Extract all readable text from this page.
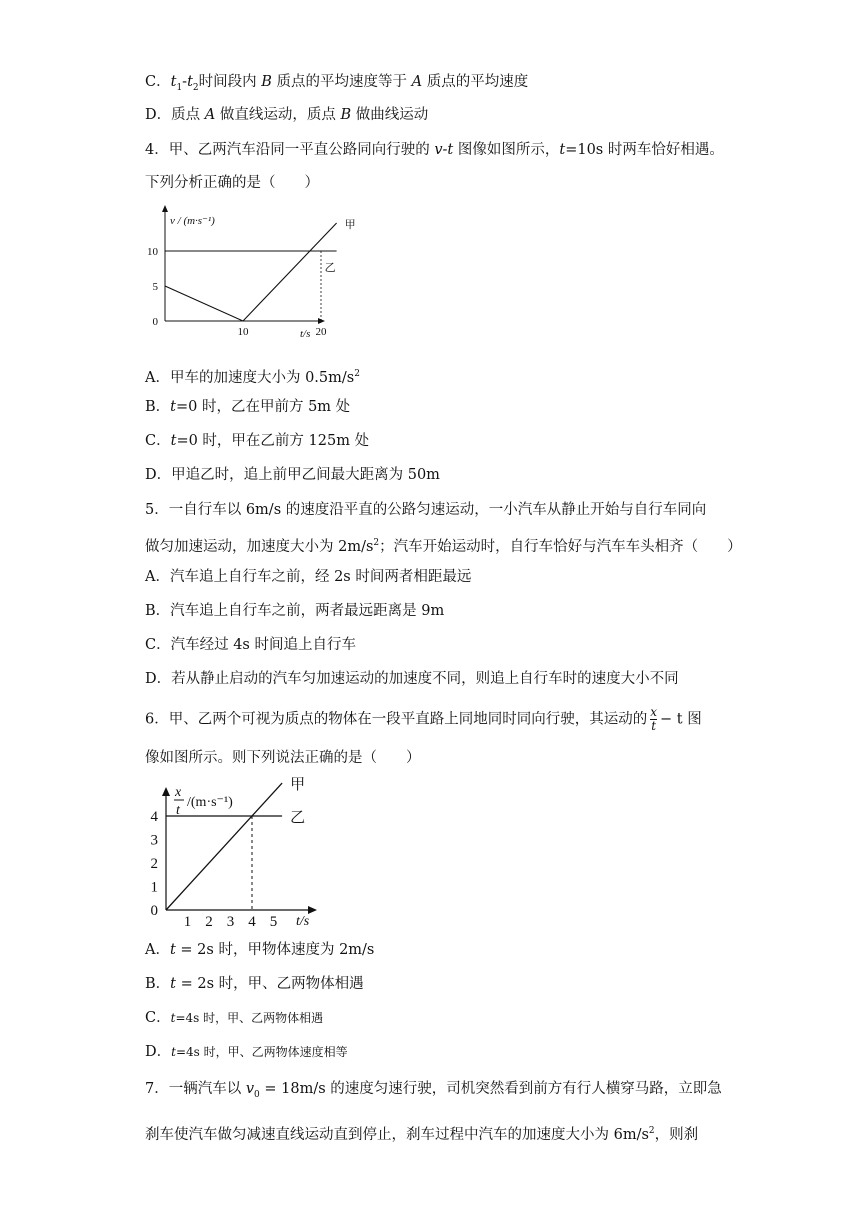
C．$t_1-t_2$时间段内 B 质点的平均速度等于 A 质点的平均速度
D．质点 A 做直线运动，质点 B 做曲线运动
4．甲、乙两汽车沿同一平直公路同向行驶的 v-t 图像如图所示，t=10s 时两车恰好相遇。
下列分析正确的是（　　）
v / (m·s⁻¹)
t/s
0
5
10
10	20
甲
乙
A．甲车的加速度大小为 $0.5m/s^2$
B．t=0 时，乙在甲前方 5m 处
C．t=0 时，甲在乙前方 125m 处
D．甲追乙时，追上前甲乙间最大距离为 50m
5．一自行车以 6m/s 的速度沿平直的公路匀速运动，一小汽车从静止开始与自行车同向
做匀加速运动，加速度大小为 $2m/s^2$；汽车开始运动时，自行车恰好与汽车车头相齐（　　）
A．汽车追上自行车之前，经 2s 时间两者相距最远
B．汽车追上自行车之前，两者最远距离是 9m
C．汽车经过 4s 时间追上自行车
D．若从静止启动的汽车匀加速运动的加速度不同，则追上自行车时的速度大小不同
6．甲、乙两个可视为质点的物体在一段平直路上同地同时同向行驶，其运动的 $\frac{x}{t} - t$ 图
像如图所示。则下列说法正确的是（　　）
x
t
/(m·s⁻¹)
t/s
0
1
2
3
4
1 2 3 4 5
甲
乙
A．t = 2s 时，甲物体速度为 2m/s
B．t = 2s 时，甲、乙两物体相遇
C．t=4s 时，甲、乙两物体相遇
D．t=4s 时，甲、乙两物体速度相等
7．一辆汽车以 $v_0 = 18m/s$ 的速度匀速行驶，司机突然看到前方有行人横穿马路，立即急
刹车使汽车做匀减速直线运动直到停止，刹车过程中汽车的加速度大小为 $6m/s^2$，则刹
